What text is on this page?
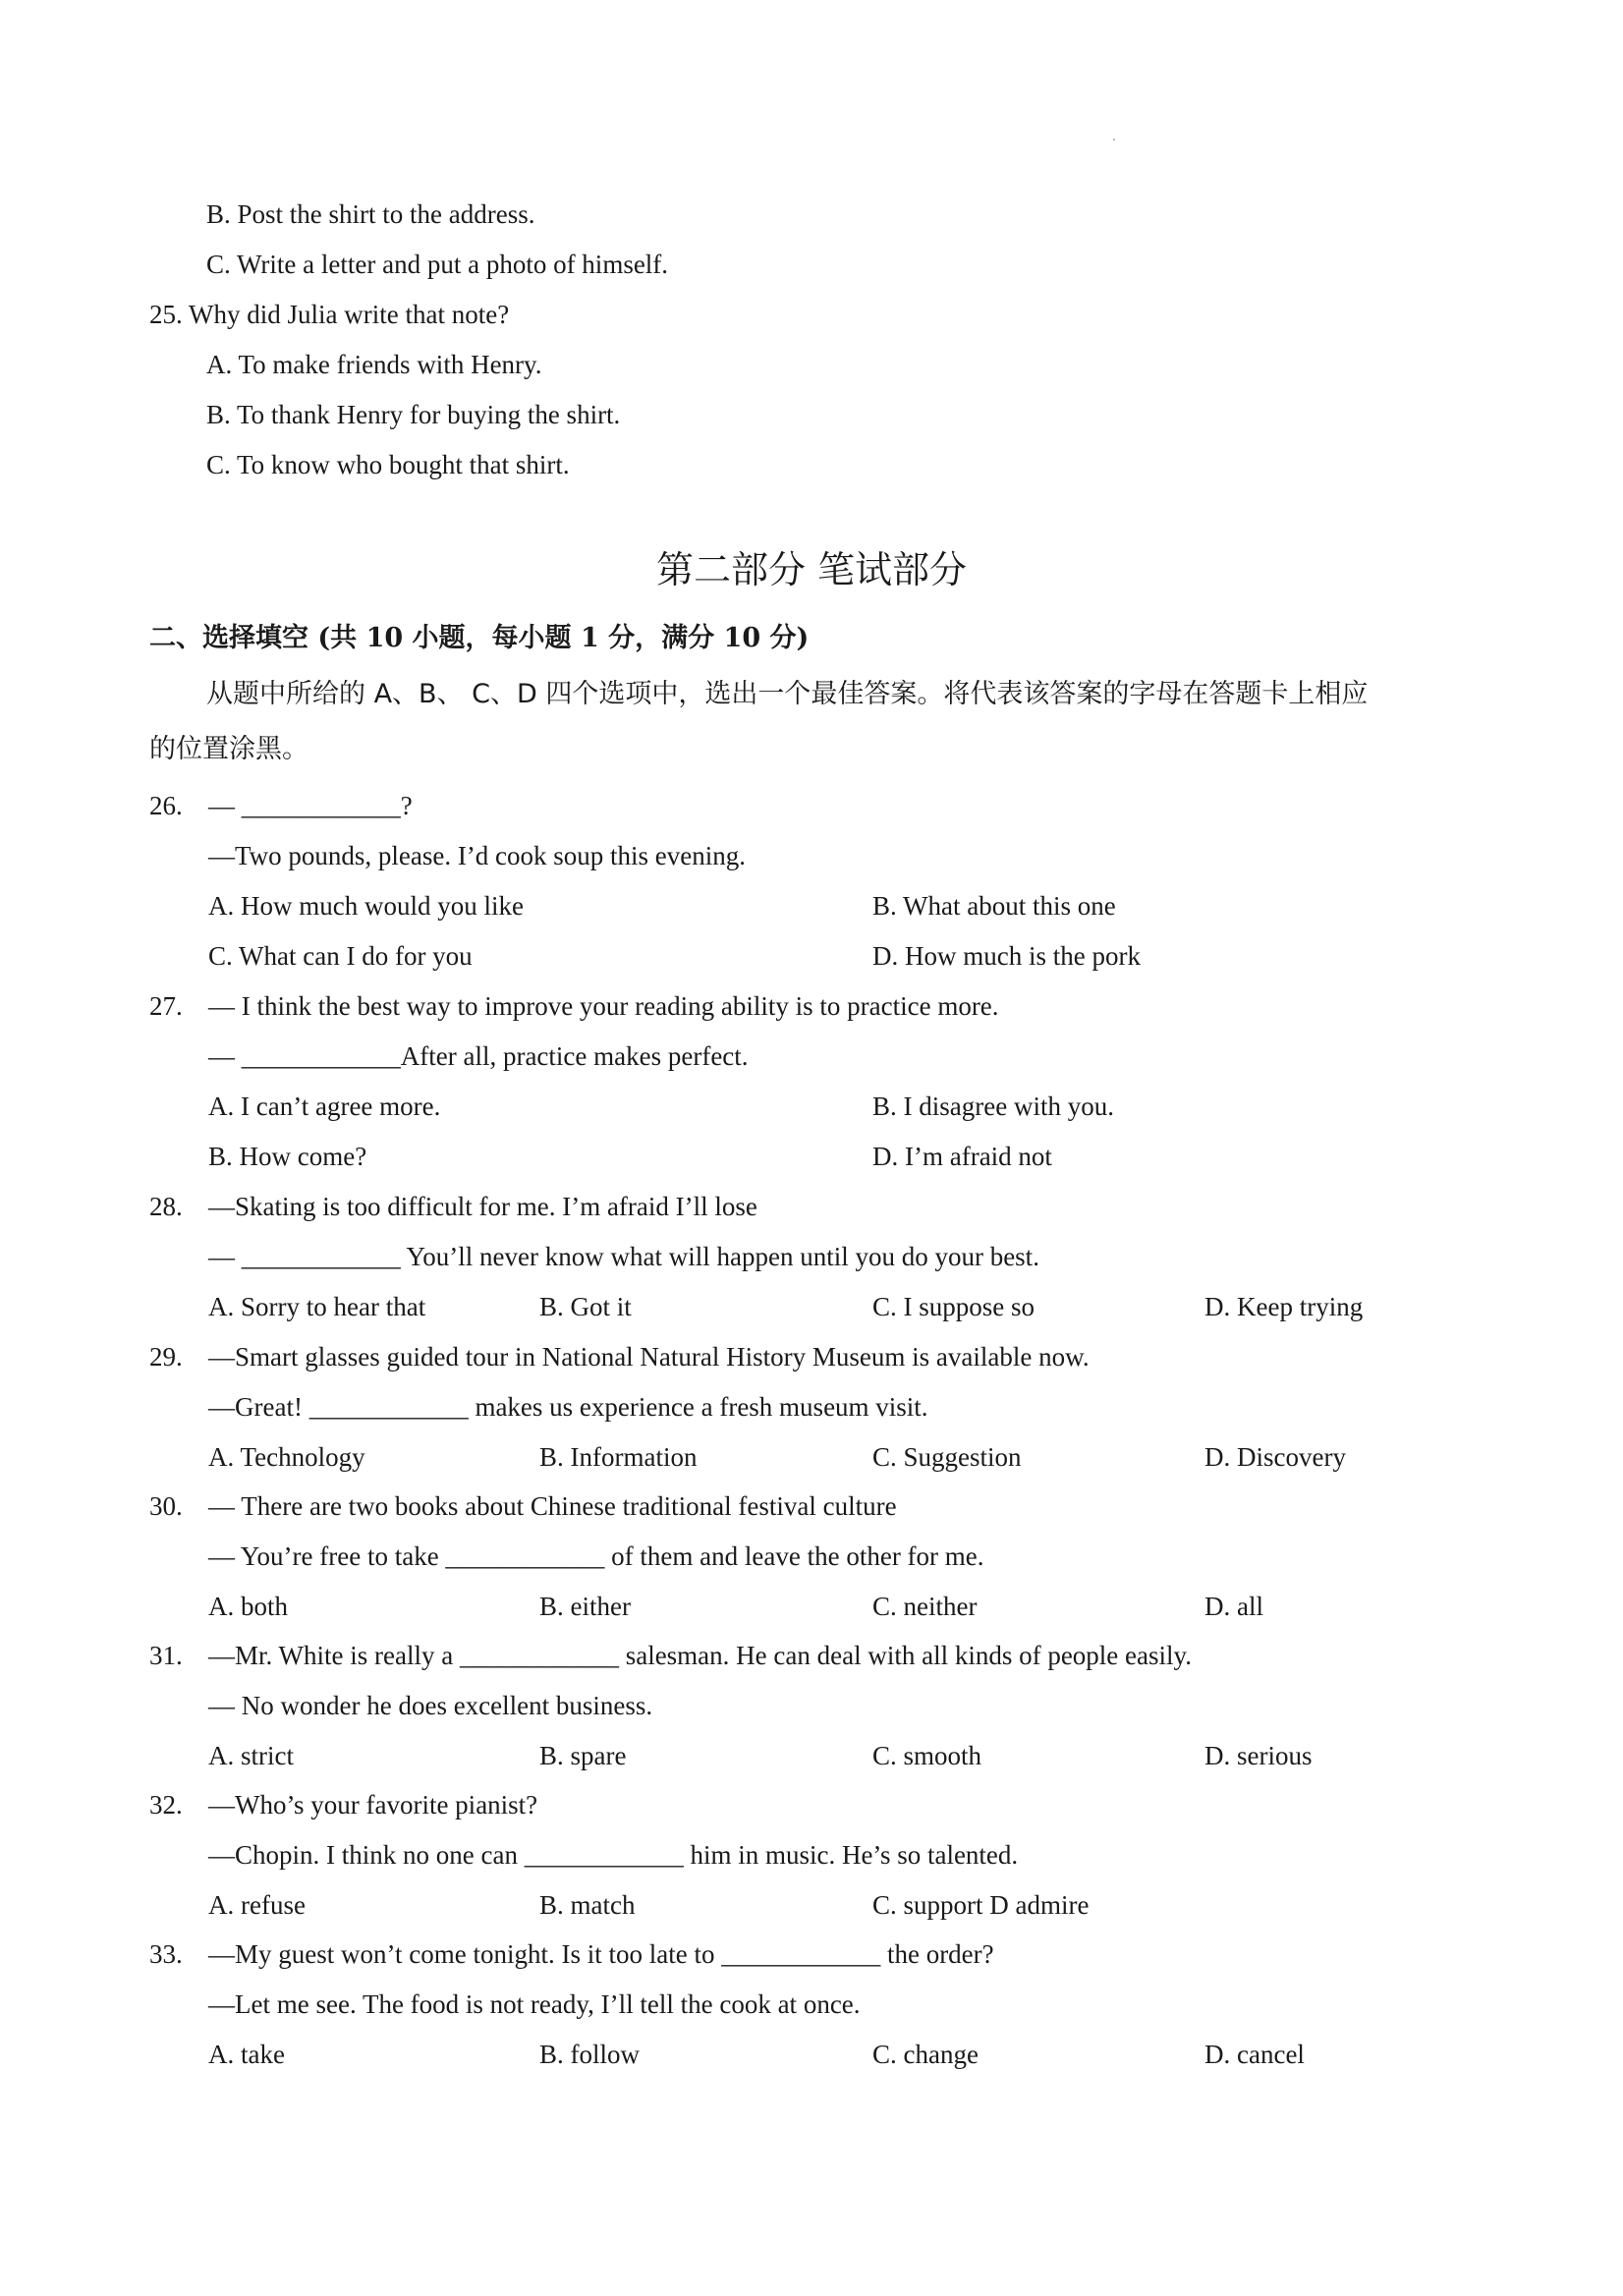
B. Post the shirt to the address.
C. Write a letter and put a photo of himself.
25. Why did Julia write that note?
A. To make friends with Henry.
B. To thank Henry for buying the shirt.
C. To know who bought that shirt.
第二部分 笔试部分
二、选择填空 (共 10 小题，每小题 1 分，满分 10 分)
从题中所给的 A、B、 C、D 四个选项中，选出一个最佳答案。将代表该答案的字母在答题卡上相应
的位置涂黑。
26. — ____________?
—Two pounds, please. I’d cook soup this evening.
A. How much would you like	B. What about this one
C. What can I do for you	D. How much is the pork
27. — I think the best way to improve your reading ability is to practice more.
— ____________After all, practice makes perfect.
A. I can’t agree more.	B. I disagree with you.
B. How come?	D. I’m afraid not
28. —Skating is too difficult for me. I’m afraid I’ll lose
— ____________ You’ll never know what will happen until you do your best.
A. Sorry to hear that	B. Got it	C. I suppose so	D. Keep trying
29. —Smart glasses guided tour in National Natural History Museum is available now.
—Great! ____________ makes us experience a fresh museum visit.
A. Technology	B. Information	C. Suggestion	D. Discovery
30. — There are two books about Chinese traditional festival culture
— You’re free to take ____________ of them and leave the other for me.
A. both	B. either	C. neither	D. all
31. —Mr. White is really a ____________ salesman. He can deal with all kinds of people easily.
— No wonder he does excellent business.
A. strict	B. spare	C. smooth	D. serious
32. —Who’s your favorite pianist?
—Chopin. I think no one can ____________ him in music. He’s so talented.
A. refuse	B. match	C. support D admire
33. —My guest won’t come tonight. Is it too late to ____________ the order?
—Let me see. The food is not ready, I’ll tell the cook at once.
A. take	B. follow	C. change	D. cancel
